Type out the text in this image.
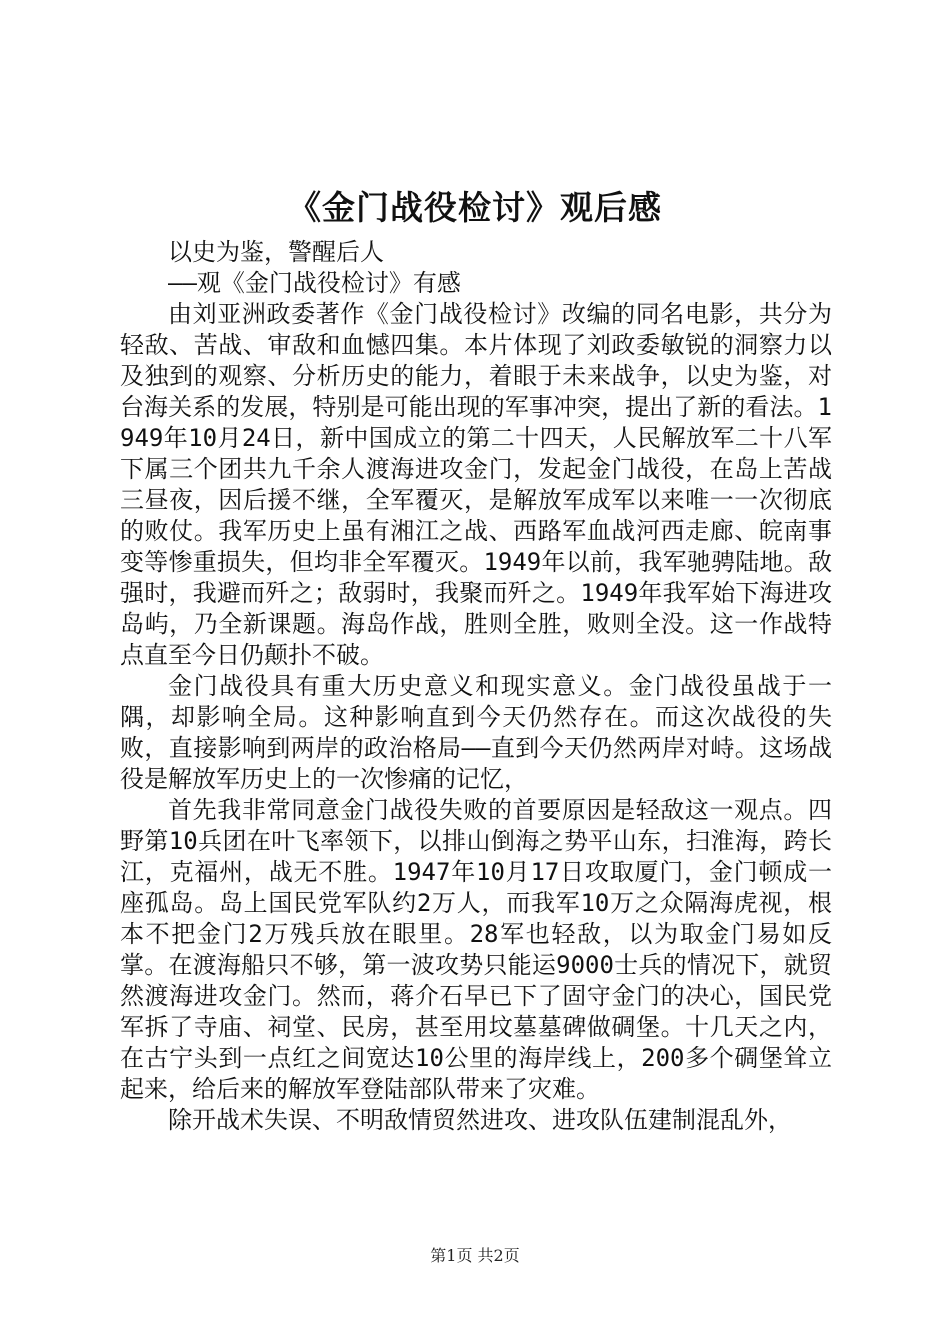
《金门战役检讨》观后感

以史为鉴，警醒后人

——观《金门战役检讨》有感

由刘亚洲政委著作《金门战役检讨》改编的同名电影，共分为轻敌、苦战、审敌和血憾四集。本片体现了刘政委敏锐的洞察力以及独到的观察、分析历史的能力，着眼于未来战争，以史为鉴，对台海关系的发展，特别是可能出现的军事冲突，提出了新的看法。1949年10月24日，新中国成立的第二十四天，人民解放军二十八军下属三个团共九千余人渡海进攻金门，发起金门战役，在岛上苦战三昼夜，因后援不继，全军覆灭，是解放军成军以来唯一一次彻底的败仗。我军历史上虽有湘江之战、西路军血战河西走廊、皖南事变等惨重损失，但均非全军覆灭。1949年以前，我军驰骋陆地。敌强时，我避而歼之；敌弱时，我聚而歼之。1949年我军始下海进攻岛屿，乃全新课题。海岛作战，胜则全胜，败则全没。这一作战特点直至今日仍颠扑不破。

金门战役具有重大历史意义和现实意义。金门战役虽战于一隅，却影响全局。这种影响直到今天仍然存在。而这次战役的失败，直接影响到两岸的政治格局——直到今天仍然两岸对峙。这场战役是解放军历史上的一次惨痛的记忆，

首先我非常同意金门战役失败的首要原因是轻敌这一观点。四野第10兵团在叶飞率领下，以排山倒海之势平山东，扫淮海，跨长江，克福州，战无不胜。1947年10月17日攻取厦门，金门顿成一座孤岛。岛上国民党军队约2万人，而我军10万之众隔海虎视，根本不把金门2万残兵放在眼里。28军也轻敌，以为取金门易如反掌。在渡海船只不够，第一波攻势只能运9000士兵的情况下，就贸然渡海进攻金门。然而，蒋介石早已下了固守金门的决心，国民党军拆了寺庙、祠堂、民房，甚至用坟墓墓碑做碉堡。十几天之内，在古宁头到一点红之间宽达10公里的海岸线上，200多个碉堡耸立起来，给后来的解放军登陆部队带来了灾难。

除开战术失误、不明敌情贸然进攻、进攻队伍建制混乱外，

第1页 共2页
